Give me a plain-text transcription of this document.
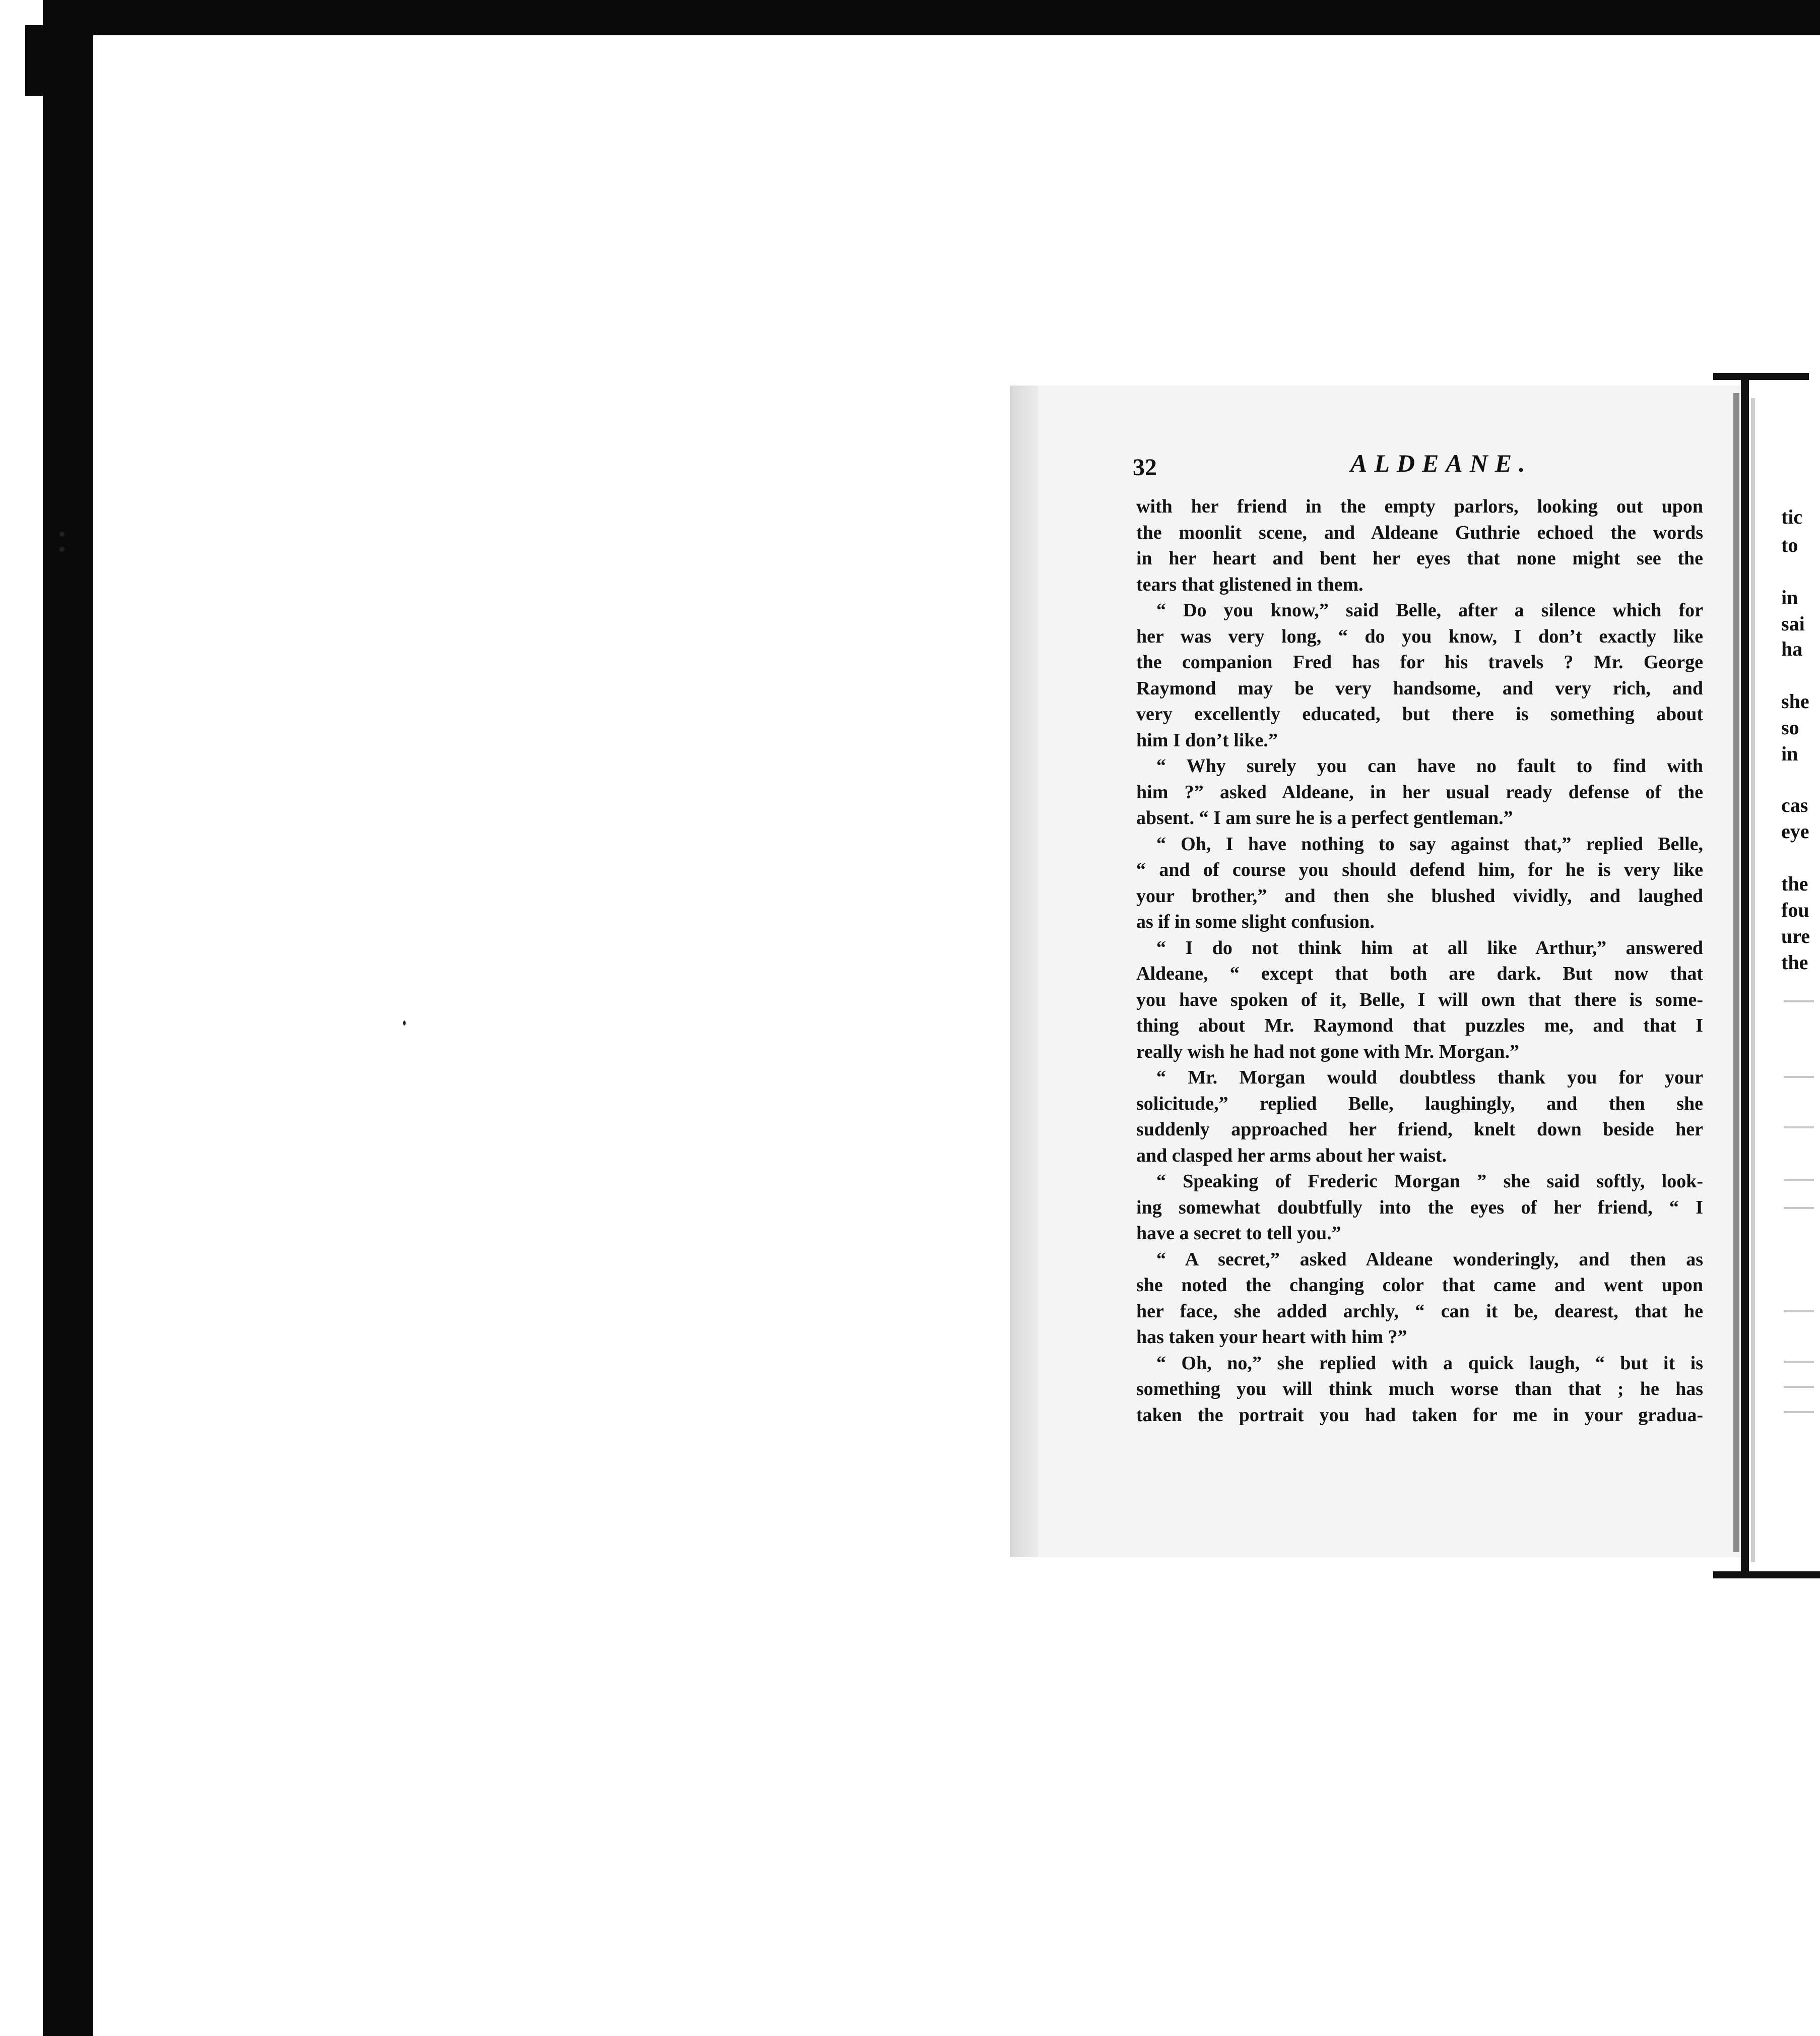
32	ALDEANE.
with her friend in the empty parlors, looking out upon
the moonlit scene, and Aldeane Guthrie echoed the words
in her heart and bent her eyes that none might see the
tears that glistened in them.
“ Do you know,” said Belle, after a silence which for
her was very long, “ do you know, I don’t exactly like
the companion Fred has for his travels ? Mr. George
Raymond may be very handsome, and very rich, and
very excellently educated, but there is something about
him I don’t like.”
“ Why surely you can have no fault to find with
him ?” asked Aldeane, in her usual ready defense of the
absent. “ I am sure he is a perfect gentleman.”
“ Oh, I have nothing to say against that,” replied Belle,
“ and of course you should defend him, for he is very like
your brother,” and then she blushed vividly, and laughed
as if in some slight confusion.
“ I do not think him at all like Arthur,” answered
Aldeane, “ except that both are dark. But now that
you have spoken of it, Belle, I will own that there is some-
thing about Mr. Raymond that puzzles me, and that I
really wish he had not gone with Mr. Morgan.”
“ Mr. Morgan would doubtless thank you for your
solicitude,” replied Belle, laughingly, and then she
suddenly approached her friend, knelt down beside her
and clasped her arms about her waist.
“ Speaking of Frederic Morgan ” she said softly, look-
ing somewhat doubtfully into the eyes of her friend, “ I
have a secret to tell you.”
“ A secret,” asked Aldeane wonderingly, and then as
she noted the changing color that came and went upon
her face, she added archly, “ can it be, dearest, that he
has taken your heart with him ?”
“ Oh, no,” she replied with a quick laugh, “ but it is
something you will think much worse than that ; he has
taken the portrait you had taken for me in your gradua-
tic
to
in
sai
ha
she
so
in
cas
eye
the
fou
ure
the
